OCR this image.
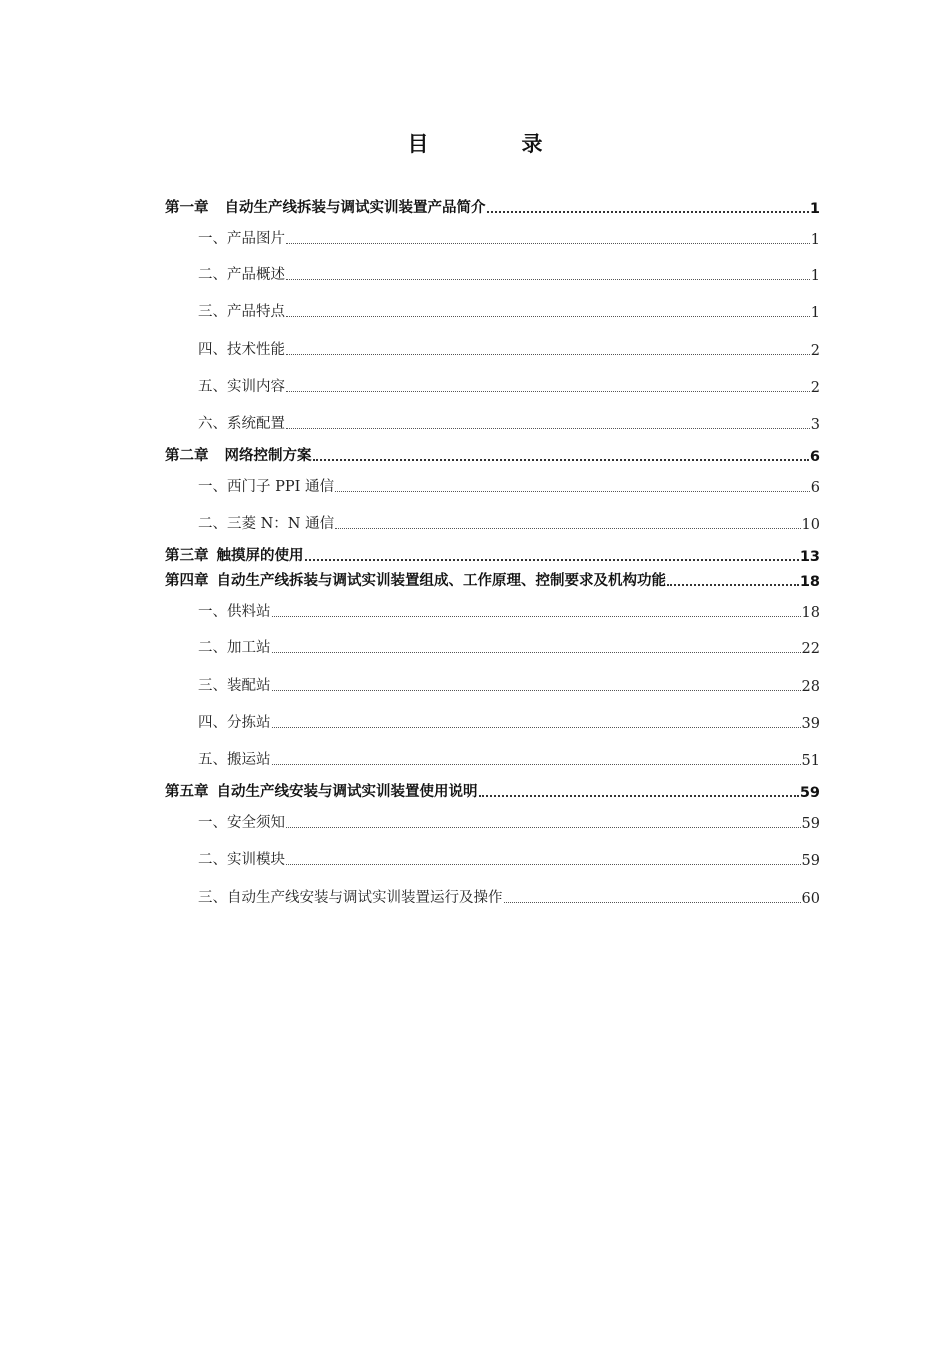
目　录
第一章 自动生产线拆装与调试实训装置产品简介	1
一、产品图片	1
二、产品概述	1
三、产品特点	1
四、技术性能	2
五、实训内容	2
六、系统配置	3
第二章 网络控制方案	6
一、西门子 PPI 通信	6
二、三菱 N：N 通信	10
第三章 触摸屏的使用	13
第四章 自动生产线拆装与调试实训装置组成、工作原理、控制要求及机构功能	18
一、供料站	18
二、加工站	22
三、装配站	28
四、分拣站	39
五、搬运站	51
第五章 自动生产线安装与调试实训装置使用说明	59
一、安全须知	59
二、实训模块	59
三、自动生产线安装与调试实训装置运行及操作	60
